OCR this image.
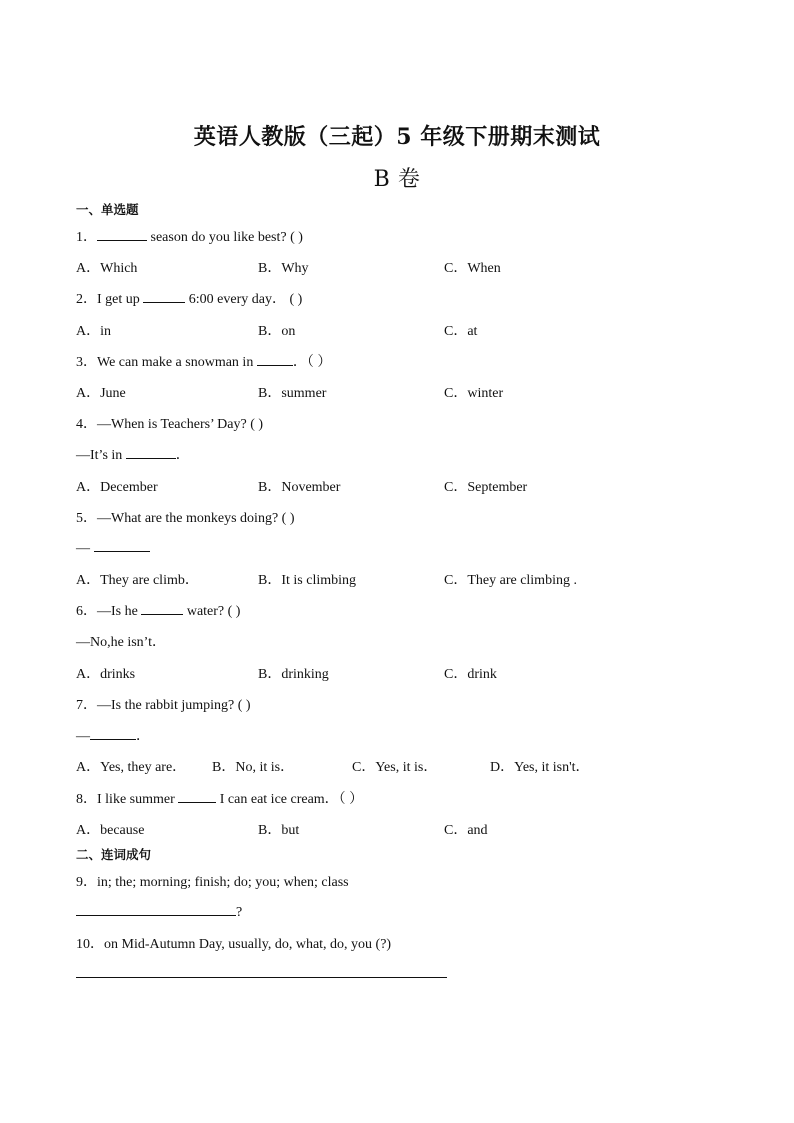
英语人教版（三起）5 年级下册期末测试
B 卷
一、单选题
1．	season do you like best? ( )
A．Which	B．Why	C．When
2．I get up	6:00 every day． ( )
A．in	B．on	C．at
3．We can make a snowman in	．（ ）
A．June	B．summer	C．winter
4．—When is Teachers’ Day? ( )
—It’s in	．
A．December	B．November	C．September
5．—What are the monkeys doing? ( )
—
A．They are climb．	B．It is climbing	C．They are climbing .
6．—Is he	water? ( )
—No,he isn’t．
A．drinks	B．drinking	C．drink
7．—Is the rabbit jumping? ( )
—	．
A．Yes, they are． B．No, it is．	C．Yes, it is．	D．Yes, it isn't．
8．I like summer	I can eat ice cream．（ ）
A．because	B．but	C．and
二、连词成句
9．in; the; morning; finish; do; you; when; class
?
10．on Mid-Autumn Day, usually, do, what, do, you (?)
